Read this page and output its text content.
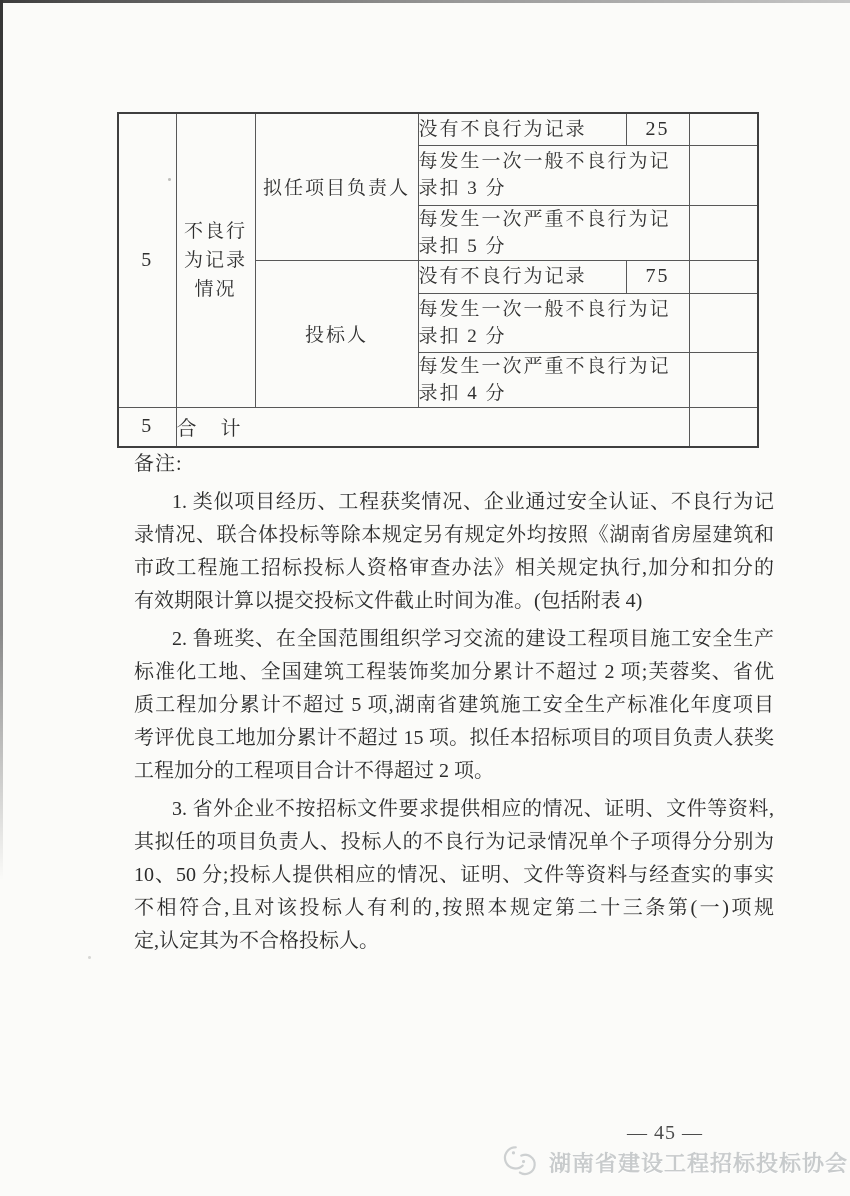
5	不良行为记录情况	拟任项目负责人	没有不良行为记录	25	
			每发生一次一般不良行为记录扣 3 分		
			每发生一次严重不良行为记录扣 5 分		
		投标人	没有不良行为记录	75	
			每发生一次一般不良行为记录扣 2 分		
			每发生一次严重不良行为记录扣 4 分		
5	合　计				
备注:
1. 类似项目经历、工程获奖情况、企业通过安全认证、不良行为记
录情况、联合体投标等除本规定另有规定外均按照《湖南省房屋建筑和
市政工程施工招标投标人资格审查办法》相关规定执行,加分和扣分的
有效期限计算以提交投标文件截止时间为准。(包括附表 4)
2. 鲁班奖、在全国范围组织学习交流的建设工程项目施工安全生产
标准化工地、全国建筑工程装饰奖加分累计不超过 2 项;芙蓉奖、省优
质工程加分累计不超过 5 项,湖南省建筑施工安全生产标准化年度项目
考评优良工地加分累计不超过 15 项。拟任本招标项目的项目负责人获奖
工程加分的工程项目合计不得超过 2 项。
3. 省外企业不按招标文件要求提供相应的情况、证明、文件等资料,
其拟任的项目负责人、投标人的不良行为记录情况单个子项得分分别为
10、50 分;投标人提供相应的情况、证明、文件等资料与经查实的事实
不相符合,且对该投标人有利的,按照本规定第二十三条第(一)项规
定,认定其为不合格投标人。
— 45 —
湖南省建设工程招标投标协会
